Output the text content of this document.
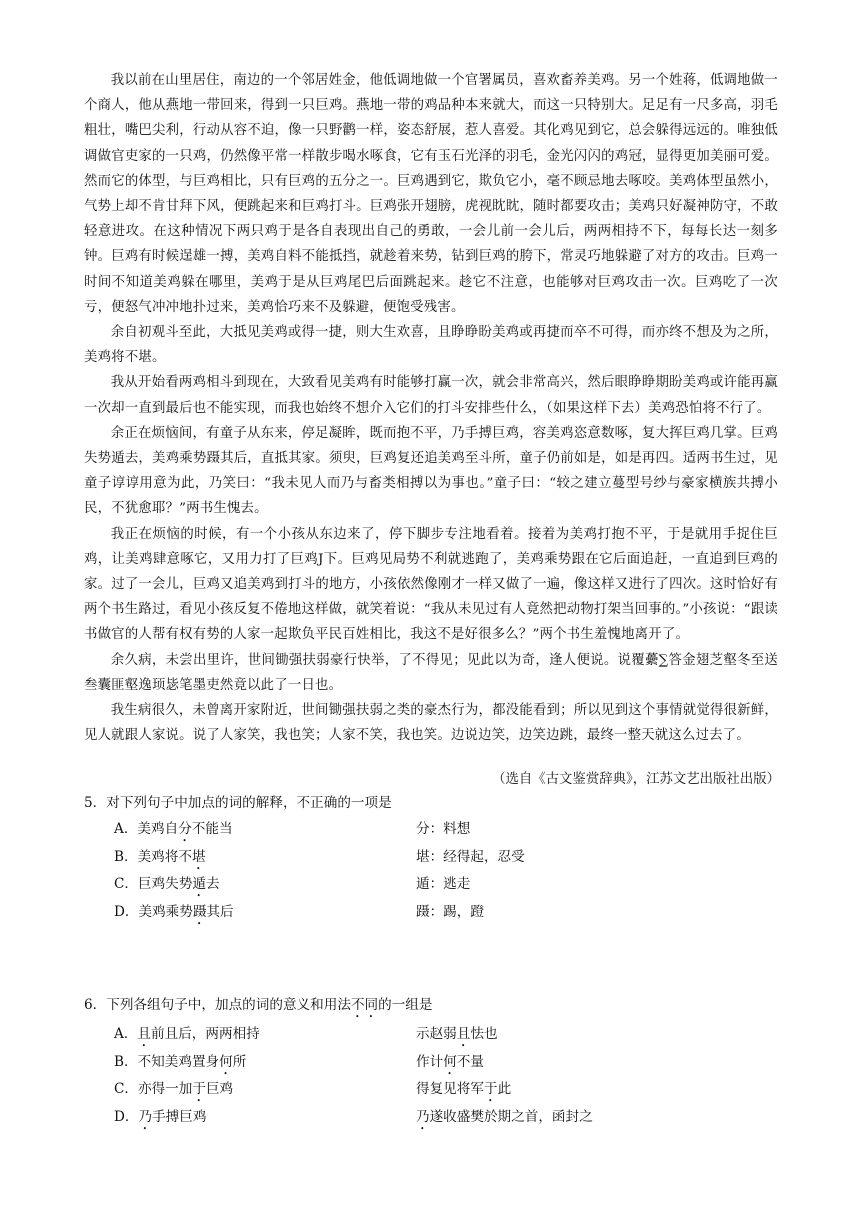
我以前在山里居住，南边的一个邻居姓金，他低调地做一个官署属员，喜欢畜养美鸡。另一个姓蒋，低调地做一个商人，他从燕地一带回来，得到一只巨鸡。燕地一带的鸡品种本来就大，而这一只特别大。足足有一尺多高，羽毛粗壮，嘴巴尖利，行动从容不迫，像一只野鹳一样，姿态舒展，惹人喜爱。其化鸡见到它，总会躲得远远的。唯独低调做官吏家的一只鸡，仍然像平常一样散步喝水啄食，它有玉石光泽的羽毛，金光闪闪的鸡冠，显得更加美丽可爱。然而它的体型，与巨鸡相比，只有巨鸡的五分之一。巨鸡遇到它，欺负它小，毫不顾忌地去啄咬。美鸡体型虽然小，气势上却不肯甘拜下风，便跳起来和巨鸡打斗。巨鸡张开翅膀，虎视眈眈，随时都要攻击；美鸡只好凝神防守，不敢轻意进攻。在这种情况下两只鸡于是各自表现出自己的勇敢，一会儿前一会儿后，两两相持不下，每每长达一刻多钟。巨鸡有时候逞雄一搏，美鸡自料不能抵挡，就趁着来势，钻到巨鸡的胯下，常灵巧地躲避了对方的攻击。巨鸡一时间不知道美鸡躲在哪里，美鸡于是从巨鸡尾巴后面跳起来。趁它不注意，也能够对巨鸡攻击一次。巨鸡吃了一次亏，便怒气冲冲地扑过来，美鸡恰巧来不及躲避，便饱受残害。

余自初观斗至此，大抵见美鸡或得一捷，则大生欢喜，且睁睁盼美鸡或再捷而卒不可得，而亦终不想及为之所，美鸡将不堪。

我从开始看两鸡相斗到现在，大致看见美鸡有时能够打赢一次，就会非常高兴，然后眼睁睁期盼美鸡或许能再赢一次却一直到最后也不能实现，而我也始终不想介入它们的打斗安排些什么，（如果这样下去）美鸡恐怕将不行了。

余正在烦恼间，有童子从东来，停足凝眸，既而抱不平，乃手搏巨鸡，容美鸡恣意数啄，复大挥巨鸡几掌。巨鸡失势遁去，美鸡乘势蹑其后，直抵其家。须臾，巨鸡复还追美鸡至斗所，童子仍前如是，如是再四。适两书生过，见童子谆谆用意为此，乃笑曰：“我未见人而乃与畜类相搏以为事也。”童子曰：“较之建立蔓型号纱与豪家横族共搏小民，不犹愈耶？”两书生愧去。

我正在烦恼的时候，有一个小孩从东边来了，停下脚步专注地看着。接着为美鸡打抱不平，于是就用手捉住巨鸡，让美鸡肆意啄它，又用力打了巨鸡J下。巨鸡见局势不利就逃跑了，美鸡乘势跟在它后面追赶，一直追到巨鸡的家。过了一会儿，巨鸡又追美鸡到打斗的地方，小孩依然像刚才一样又做了一遍，像这样又进行了四次。这时恰好有两个书生路过，看见小孩反复不倦地这样做，就笑着说：“我从未见过有人竟然把动物打架当回事的。”小孩说：“跟读书做官的人帮有权有势的人家一起欺负平民百姓相比，我这不是好很多么？”两个书生羞愧地离开了。

余久病，未尝出里许，世间锄强扶弱豪行快举，了不得见；见此以为奇，逢人便说。说覆虆∑答金翅芝壑冬至送叁囊匪壑逸顼毖笔墨吏然竟以此了一日也。

我生病很久，未曾离开家附近，世间锄强扶弱之类的豪杰行为，都没能看到；所以见到这个事情就觉得很新鲜，见人就跟人家说。说了人家笑，我也笑；人家不笑，我也笑。边说边笑，边笑边跳，最终一整天就这么过去了。

（选自《古文鉴赏辞典》，江苏文艺出版社出版）

5．对下列句子中加点的词的解释，不正确的一项是

A．美鸡自分不能当	分：料想
B．美鸡将不堪	堪：经得起，忍受
C．巨鸡失势遁去	遁：逃走
D．美鸡乘势蹑其后	蹑：踢，蹬

6．下列各组句子中，加点的词的意义和用法不同的一组是

A．且前且后，两两相持	示赵弱且怯也
B．不知美鸡置身何所	作计何不量
C．亦得一加于巨鸡	得复见将军于此
D．乃手搏巨鸡	乃遂收盛樊於期之首，函封之
